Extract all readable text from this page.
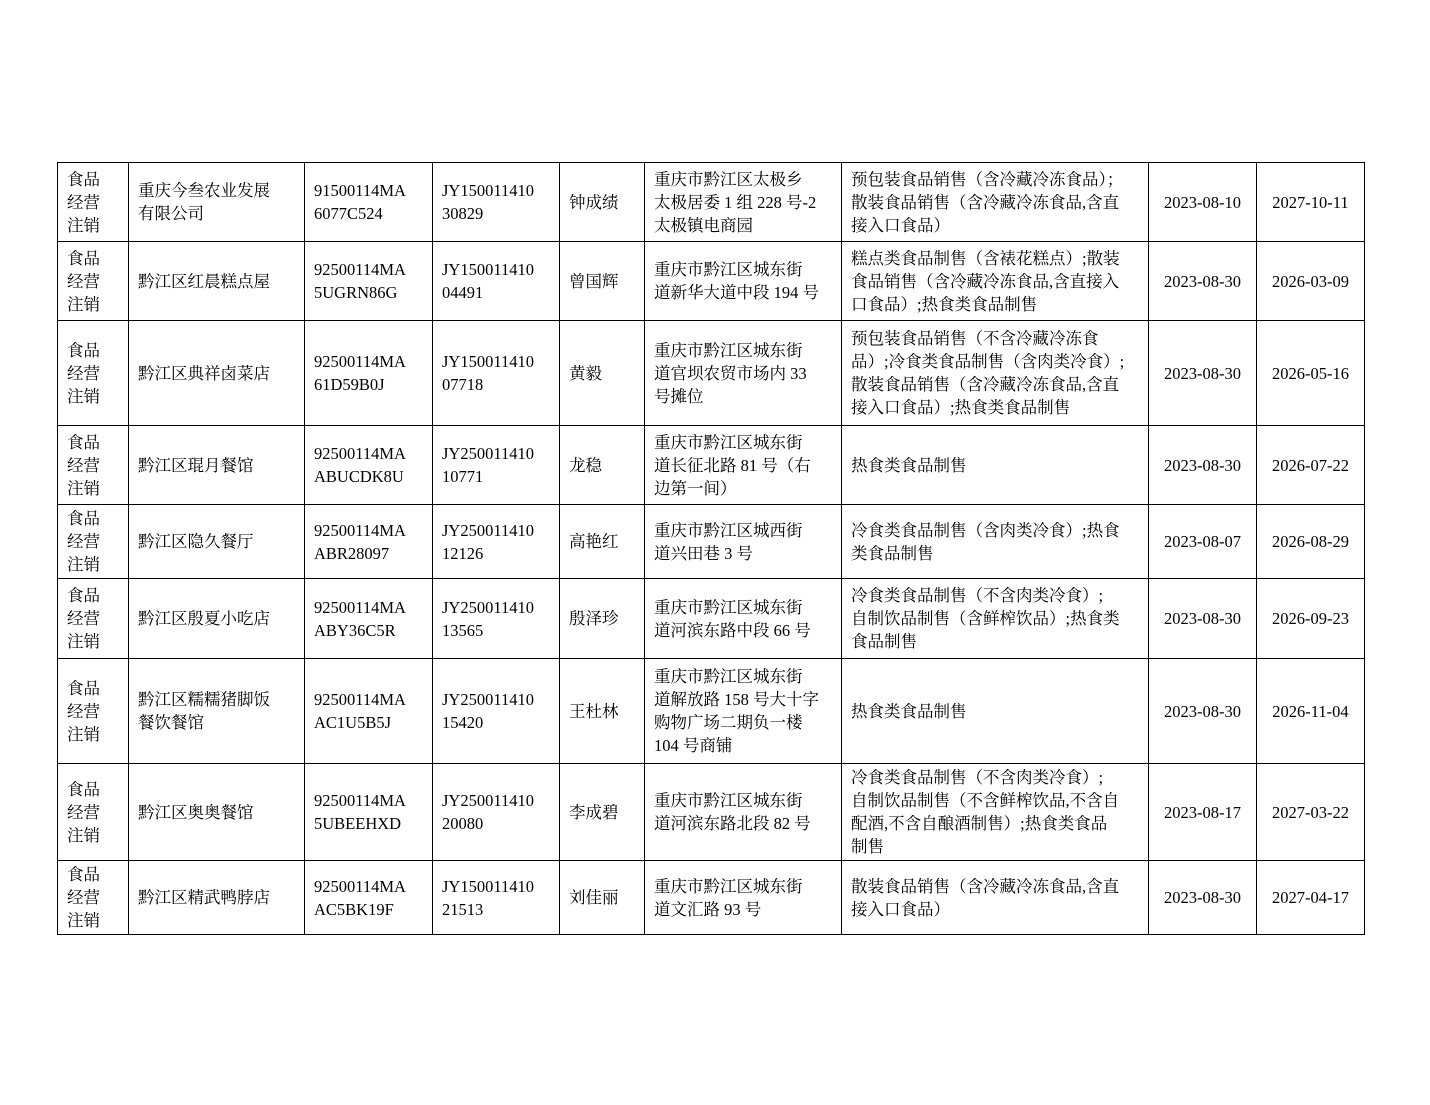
食品
经营
注销	重庆今叁农业发展
有限公司	91500114MA
6077C524	JY150011410
30829	钟成绩	重庆市黔江区太极乡
太极居委 1 组 228 号-2
太极镇电商园	预包装食品销售（含冷藏冷冻食品）；
散装食品销售（含冷藏冷冻食品,含直
接入口食品）	2023-08-10	2027-10-11
食品
经营
注销	黔江区红晨糕点屋	92500114MA
5UGRN86G	JY150011410
04491	曾国辉	重庆市黔江区城东街
道新华大道中段 194 号	糕点类食品制售（含裱花糕点）;散装
食品销售（含冷藏冷冻食品,含直接入
口食品）;热食类食品制售	2023-08-30	2026-03-09
食品
经营
注销	黔江区典祥卤菜店	92500114MA
61D59B0J	JY150011410
07718	黄毅	重庆市黔江区城东街
道官坝农贸市场内 33
号摊位	预包装食品销售（不含冷藏冷冻食
品）;冷食类食品制售（含肉类冷食）;
散装食品销售（含冷藏冷冻食品,含直
接入口食品）;热食类食品制售	2023-08-30	2026-05-16
食品
经营
注销	黔江区琨月餐馆	92500114MA
ABUCDK8U	JY250011410
10771	龙稳	重庆市黔江区城东街
道长征北路 81 号（右
边第一间）	热食类食品制售	2023-08-30	2026-07-22
食品
经营
注销	黔江区隐久餐厅	92500114MA
ABR28097	JY250011410
12126	高艳红	重庆市黔江区城西街
道兴田巷 3 号	冷食类食品制售（含肉类冷食）;热食
类食品制售	2023-08-07	2026-08-29
食品
经营
注销	黔江区殷夏小吃店	92500114MA
ABY36C5R	JY250011410
13565	殷泽珍	重庆市黔江区城东街
道河滨东路中段 66 号	冷食类食品制售（不含肉类冷食）;
自制饮品制售（含鲜榨饮品）;热食类
食品制售	2023-08-30	2026-09-23
食品
经营
注销	黔江区糯糯猪脚饭
餐饮餐馆	92500114MA
AC1U5B5J	JY250011410
15420	王杜林	重庆市黔江区城东街
道解放路 158 号大十字
购物广场二期负一楼
104 号商铺	热食类食品制售	2023-08-30	2026-11-04
食品
经营
注销	黔江区奥奥餐馆	92500114MA
5UBEEHXD	JY250011410
20080	李成碧	重庆市黔江区城东街
道河滨东路北段 82 号	冷食类食品制售（不含肉类冷食）;
自制饮品制售（不含鲜榨饮品,不含自
配酒,不含自酿酒制售）;热食类食品
制售	2023-08-17	2027-03-22
食品
经营
注销	黔江区精武鸭脖店	92500114MA
AC5BK19F	JY150011410
21513	刘佳丽	重庆市黔江区城东街
道文汇路 93 号	散装食品销售（含冷藏冷冻食品,含直
接入口食品）	2023-08-30	2027-04-17
